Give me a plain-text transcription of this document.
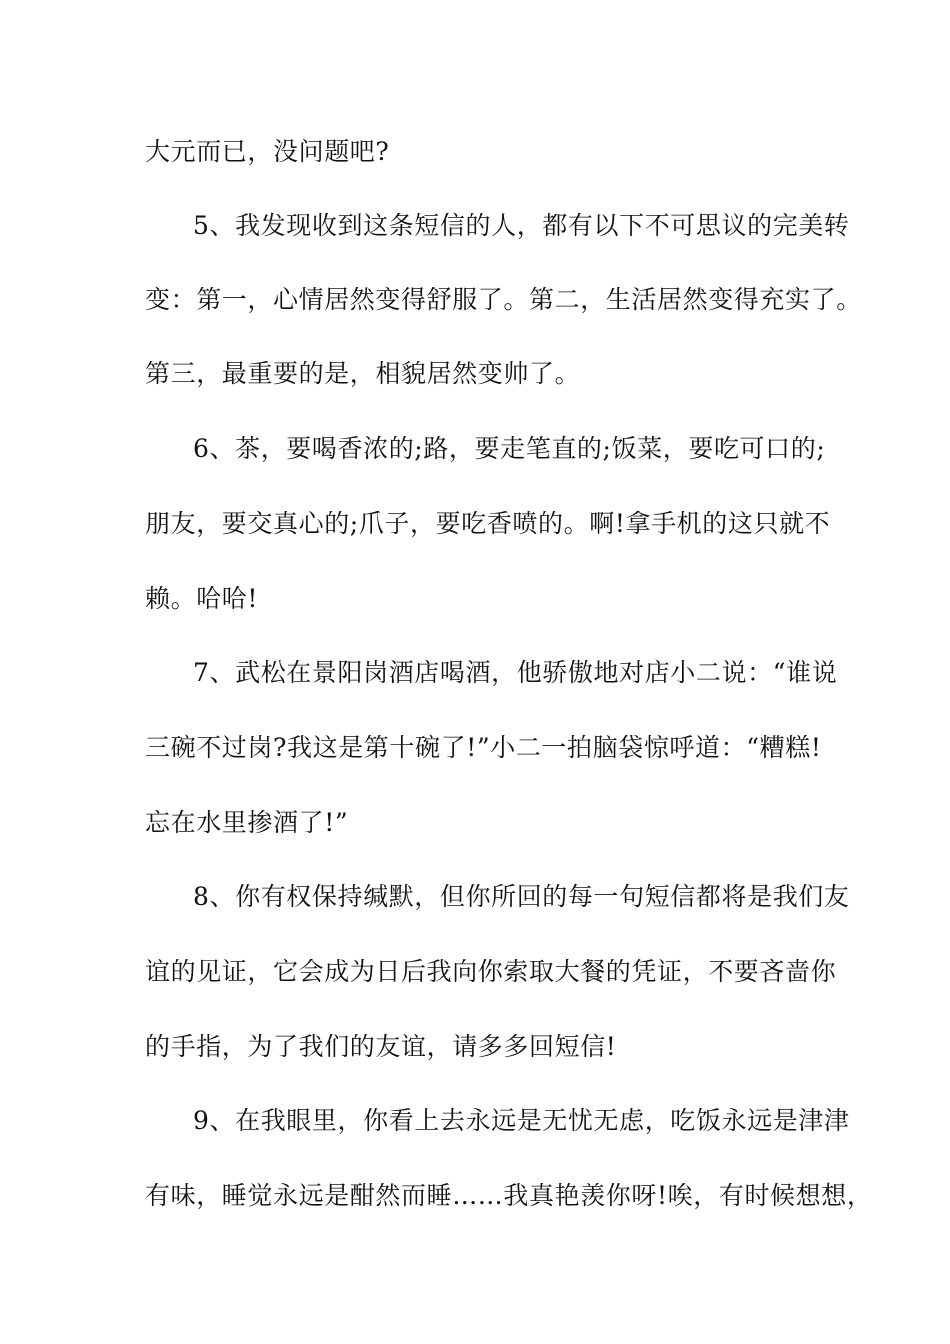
大元而已，没问题吧?
5、我发现收到这条短信的人，都有以下不可思议的完美转
变：第一，心情居然变得舒服了。第二，生活居然变得充实了。
第三，最重要的是，相貌居然变帅了。
6、茶，要喝香浓的;路，要走笔直的;饭菜，要吃可口的;
朋友，要交真心的;爪子，要吃香喷的。啊!拿手机的这只就不
赖。哈哈!
7、武松在景阳岗酒店喝酒，他骄傲地对店小二说：“谁说
三碗不过岗?我这是第十碗了!”小二一拍脑袋惊呼道：“糟糕!
忘在水里掺酒了!”
8、你有权保持缄默，但你所回的每一句短信都将是我们友
谊的见证，它会成为日后我向你索取大餐的凭证，不要吝啬你
的手指，为了我们的友谊，请多多回短信!
9、在我眼里，你看上去永远是无忧无虑，吃饭永远是津津
有味，睡觉永远是酣然而睡……我真艳羡你呀!唉，有时候想想，
